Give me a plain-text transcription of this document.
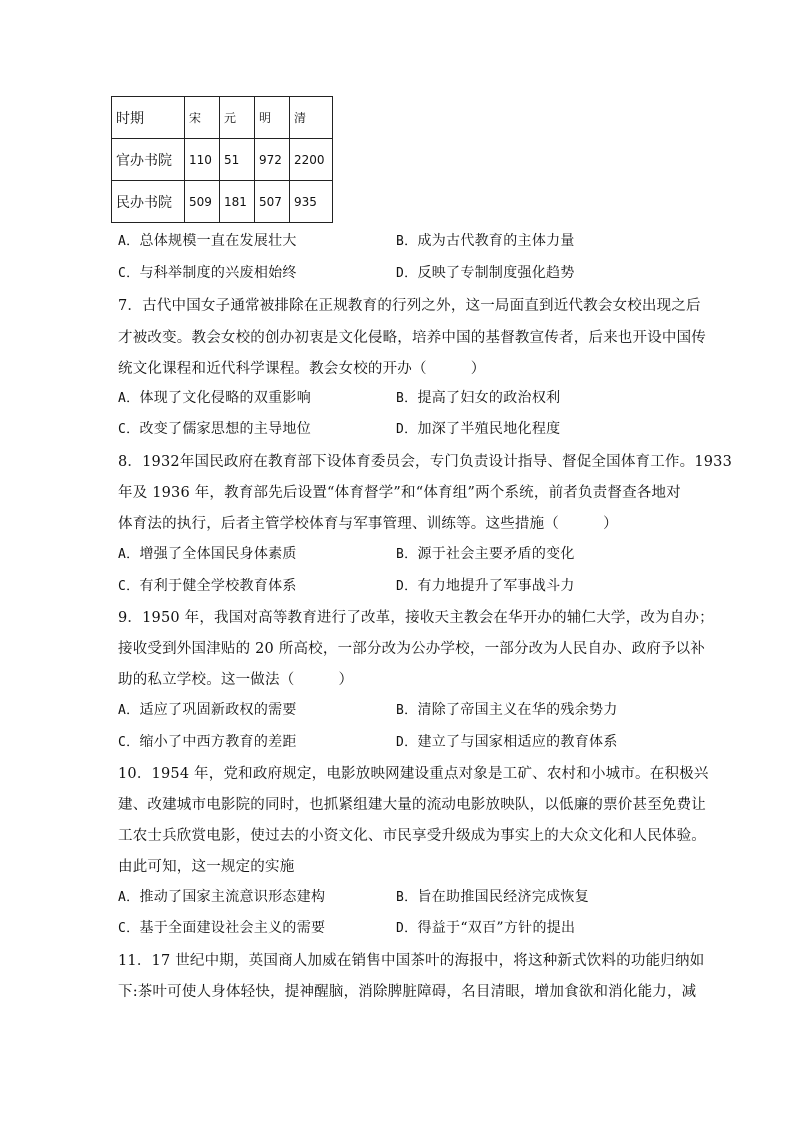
时期	宋	元	明	清
官办书院	110	51	972	2200
民办书院	509	181	507	935
A．总体规模一直在发展壮大	B．成为古代教育的主体力量
C．与科举制度的兴废相始终	D．反映了专制制度强化趋势
7．古代中国女子通常被排除在正规教育的行列之外，这一局面直到近代教会女校出现之后
才被改变。教会女校的创办初衷是文化侵略，培养中国的基督教宣传者，后来也开设中国传
统文化课程和近代科学课程。教会女校的开办（　　　）
A．体现了文化侵略的双重影响	B．提高了妇女的政治权利
C．改变了儒家思想的主导地位	D．加深了半殖民地化程度
8．1932年国民政府在教育部下设体育委员会，专门负责设计指导、督促全国体育工作。1933
年及 1936 年，教育部先后设置“体育督学”和“体育组”两个系统，前者负责督查各地对
体育法的执行，后者主管学校体育与军事管理、训练等。这些措施（　　　）
A．增强了全体国民身体素质	B．源于社会主要矛盾的变化
C．有利于健全学校教育体系	D．有力地提升了军事战斗力
9．1950 年，我国对高等教育进行了改革，接收天主教会在华开办的辅仁大学，改为自办；
接收受到外国津贴的 20 所高校，一部分改为公办学校，一部分改为人民自办、政府予以补
助的私立学校。这一做法（　　　）
A．适应了巩固新政权的需要	B．清除了帝国主义在华的残余势力
C．缩小了中西方教育的差距	D．建立了与国家相适应的教育体系
10．1954 年，党和政府规定，电影放映网建设重点对象是工矿、农村和小城市。在积极兴
建、改建城市电影院的同时，也抓紧组建大量的流动电影放映队，以低廉的票价甚至免费让
工农士兵欣赏电影，使过去的小资文化、市民享受升级成为事实上的大众文化和人民体验。
由此可知，这一规定的实施
A．推动了国家主流意识形态建构	B．旨在助推国民经济完成恢复
C．基于全面建设社会主义的需要	D．得益于“双百”方针的提出
11．17 世纪中期，英国商人加威在销售中国茶叶的海报中，将这种新式饮料的功能归纳如
下:茶叶可使人身体轻快，提神醒脑，消除脾脏障碍，名目清眼，增加食欲和消化能力，减
